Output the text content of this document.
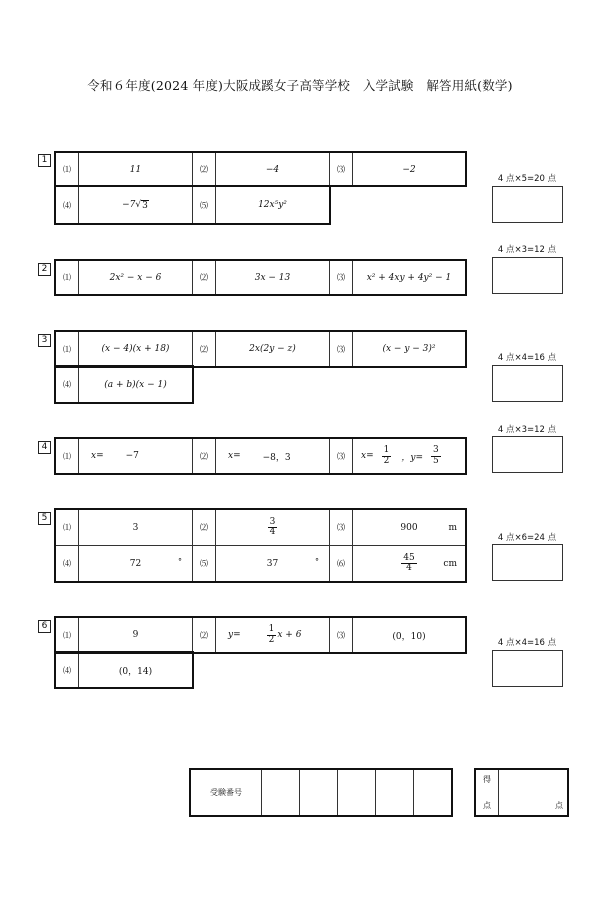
令和６年度(2024 年度)大阪成蹊女子高等学校　入学試験　解答用紙(数学)
1
⑴	11	⑵	−4	⑶	−2
⑷	−7 √ 3	⑸	12x⁵y²
4 点×5=20 点
2
⑴	2x² − x − 6	⑵	3x − 13	⑶	x² + 4xy + 4y² − 1
4 点×3=12 点
3
⑴	(x − 4)(x + 18)	⑵	2x(2y − z)	⑶	(x − y − 3)²
⑷	(a + b)(x − 1)
4 点×4=16 点
4
⑴	x= −7	⑵	x= −8，3	⑶	$x= \frac{1}{2}$ ，$y= \frac{3}{5}$
4 点×3=12 点
5
⑴	3	⑵	$\frac{3}{4}$	⑶	900	m
⑷	72	°	⑸	37	°	⑹	$\frac{45}{4}$	cm
4 点×6=24 点
6
⑴	9	⑵	y=	$\frac{1}{2}$ x + 6	⑶	(0，10)
⑷	(0，14)
4 点×4=16 点
受験番号
得
点	点
